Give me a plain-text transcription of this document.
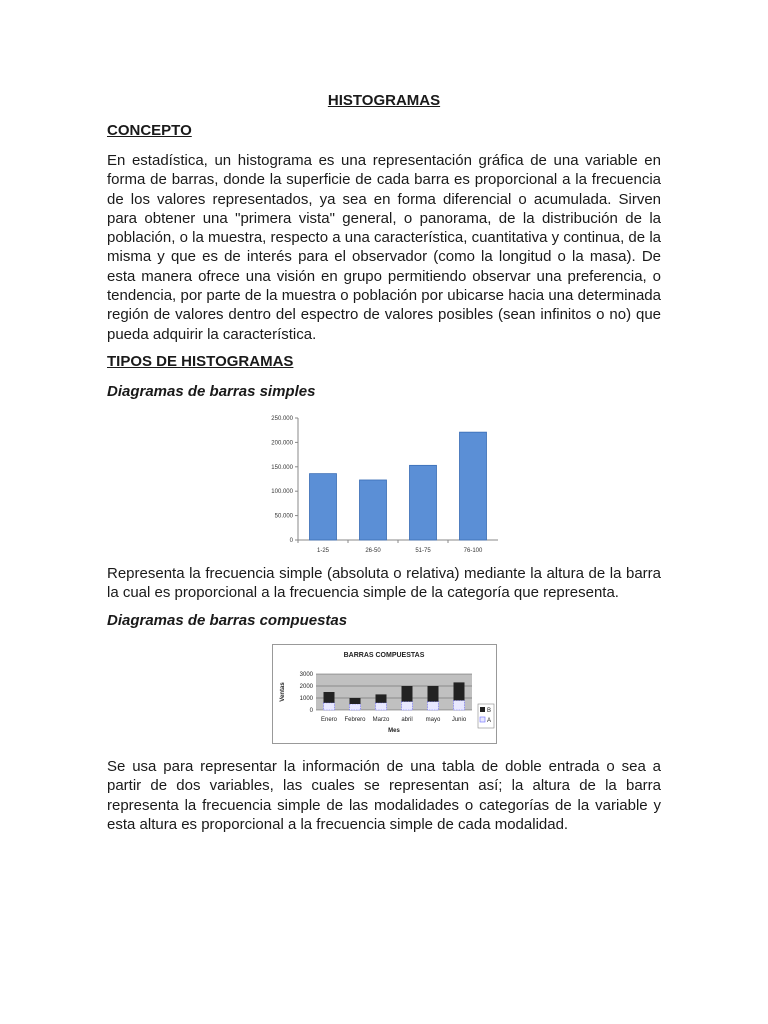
HISTOGRAMAS
CONCEPTO

En estadística, un histograma es una representación gráfica de una variable en forma de barras, donde la superficie de cada barra es proporcional a la frecuencia de los valores representados, ya sea en forma diferencial o acumulada. Sirven para obtener una "primera vista" general, o panorama, de la distribución de la población, o la muestra, respecto a una característica, cuantitativa y continua, de la misma y que es de interés para el observador (como la longitud o la masa). De esta manera ofrece una visión en grupo permitiendo observar una preferencia, o tendencia, por parte de la muestra o población por ubicarse hacia una determinada región de valores dentro del espectro de valores posibles (sean infinitos o no) que pueda adquirir la característica.

TIPOS DE HISTOGRAMAS
Diagramas de barras simples
0
50.000
100.000
150.000
200.000
250.000
1-25	26-50	51-75	76-100

Representa la frecuencia simple (absoluta o relativa) mediante la altura de la barra la cual es proporcional a la frecuencia simple de la categoría que representa.

Diagramas de barras compuestas
BARRAS COMPUESTAS
0
1000
2000
3000
Ventas
Enero Febrero Marzo abril mayo Junio
Mes
B
A

Se usa para representar la información de una tabla de doble entrada o sea a partir de dos variables, las cuales se representan así; la altura de la barra representa la frecuencia simple de las modalidades o categorías de la variable y esta altura es proporcional a la frecuencia simple de cada modalidad.
